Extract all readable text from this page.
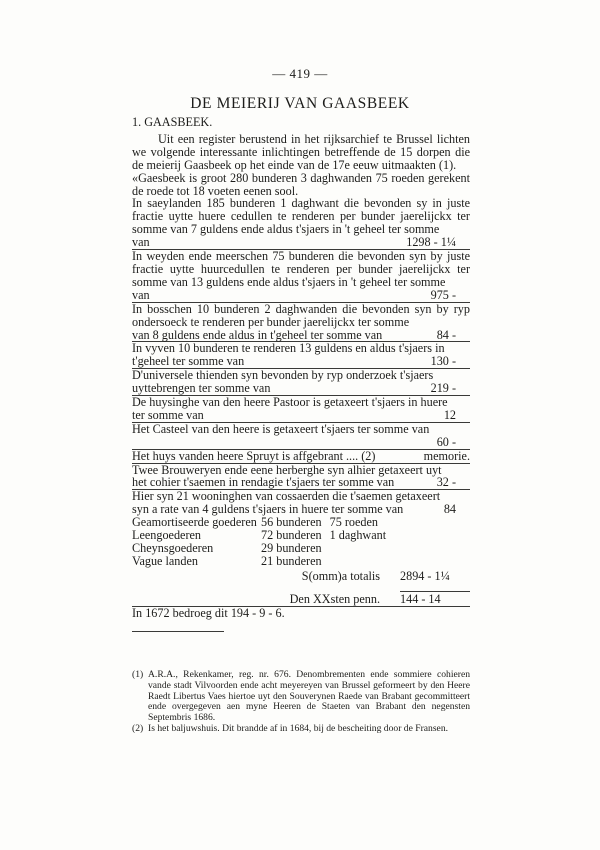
— 419 —
DE MEIERIJ VAN GAASBEEK
1. GAASBEEK.
Uit een register berustend in het rijksarchief te Brussel lichten we volgende interessante inlichtingen betreffende de 15 dorpen die de meierij Gaasbeek op het einde van de 17e eeuw uitmaakten (1).
«Gaesbeek is groot 280 bunderen 3 daghwanden 75 roeden gerekent de roede tot 18 voeten eenen sool.
In saeylanden 185 bunderen 1 daghwant die bevonden sy in juste fractie uytte huere cedullen te renderen per bunder jaerelijckx ter somme van 7 guldens ende aldus t'sjaers in 't geheel ter somme
van	1298 - 1¼
In weyden ende meerschen 75 bunderen die bevonden syn by juste fractie uytte huurcedullen te renderen per bunder jaerelijckx ter somme van 13 guldens ende aldus t'sjaers in 't geheel ter somme
van	975 -
In bosschen 10 bunderen 2 daghwanden die bevonden syn by ryp ondersoeck te renderen per bunder jaerelijckx ter somme
van 8 guldens ende aldus in t'geheel ter somme van	84 -
In vyven 10 bunderen te renderen 13 guldens en aldus t'sjaers in
t'geheel ter somme van	130 -
D'universele thienden syn bevonden by ryp onderzoek t'sjaers
uyttebrengen ter somme van	219 -
De huysinghe van den heere Pastoor is getaxeert t'sjaers in huere
ter somme van	12
Het Casteel van den heere is getaxeert t'sjaers ter somme van
60 -
Het huys vanden heere Spruyt is affgebrant .... (2)	memorie.
Twee Brouweryen ende eene herberghe syn alhier getaxeert uyt
het cohier t'saemen in rendagie t'sjaers ter somme van	32 -
Hier syn 21 wooninghen van cossaerden die t'saemen getaxeert
syn a rate van 4 guldens t'sjaers in huere ter somme van	84
Geamortiseerde goederen	56 bunderen	75 roeden
Leengoederen	72 bunderen	1 daghwant
Cheynsgoederen	29 bunderen	
Vague landen	21 bunderen	
S(omm)a totalis 2894 - 1¼
Den XXsten penn. 144 - 14
In 1672 bedroeg dit 194 - 9 - 6.
(1) A.R.A., Rekenkamer, reg. nr. 676. Denombrementen ende sommiere cohieren vande stadt Vilvoorden ende acht meyereyen van Brussel geformeert by den Heere Raedt Libertus Vaes hiertoe uyt den Souverynen Raede van Brabant gecommitteert ende overgegeven aen myne Heeren de Staeten van Brabant den negensten Septembris 1686.
(2) Is het baljuwshuis. Dit brandde af in 1684, bij de bescheiting door de Fransen.
